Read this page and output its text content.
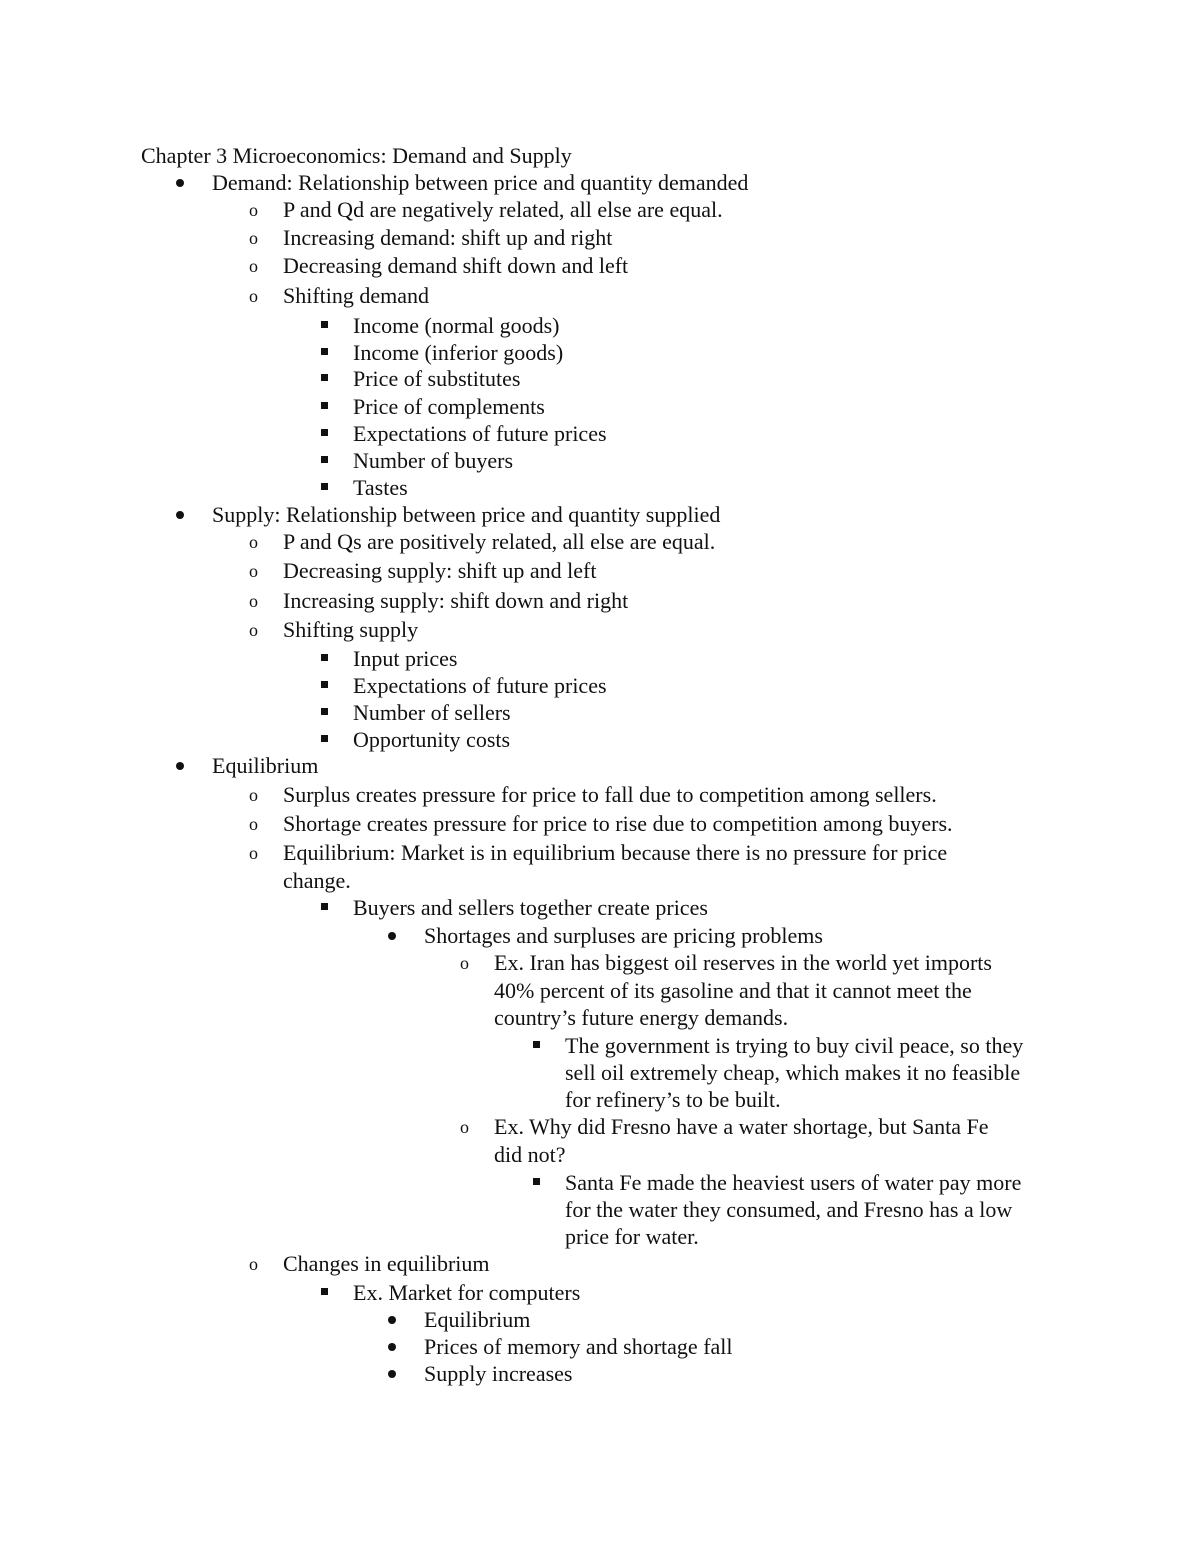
Chapter 3 Microeconomics: Demand and Supply
Demand: Relationship between price and quantity demanded
o P and Qd are negatively related, all else are equal.
o Increasing demand: shift up and right
o Decreasing demand shift down and left
o Shifting demand
Income (normal goods)
Income (inferior goods)
Price of substitutes
Price of complements
Expectations of future prices
Number of buyers
Tastes
Supply: Relationship between price and quantity supplied
o P and Qs are positively related, all else are equal.
o Decreasing supply: shift up and left
o Increasing supply: shift down and right
o Shifting supply
Input prices
Expectations of future prices
Number of sellers
Opportunity costs
Equilibrium
o Surplus creates pressure for price to fall due to competition among sellers.
o Shortage creates pressure for price to rise due to competition among buyers.
o Equilibrium: Market is in equilibrium because there is no pressure for price
change.
Buyers and sellers together create prices
Shortages and surpluses are pricing problems
o Ex. Iran has biggest oil reserves in the world yet imports
40% percent of its gasoline and that it cannot meet the
country’s future energy demands.
The government is trying to buy civil peace, so they
sell oil extremely cheap, which makes it no feasible
for refinery’s to be built.
o Ex. Why did Fresno have a water shortage, but Santa Fe
did not?
Santa Fe made the heaviest users of water pay more
for the water they consumed, and Fresno has a low
price for water.
o Changes in equilibrium
Ex. Market for computers
Equilibrium
Prices of memory and shortage fall
Supply increases
